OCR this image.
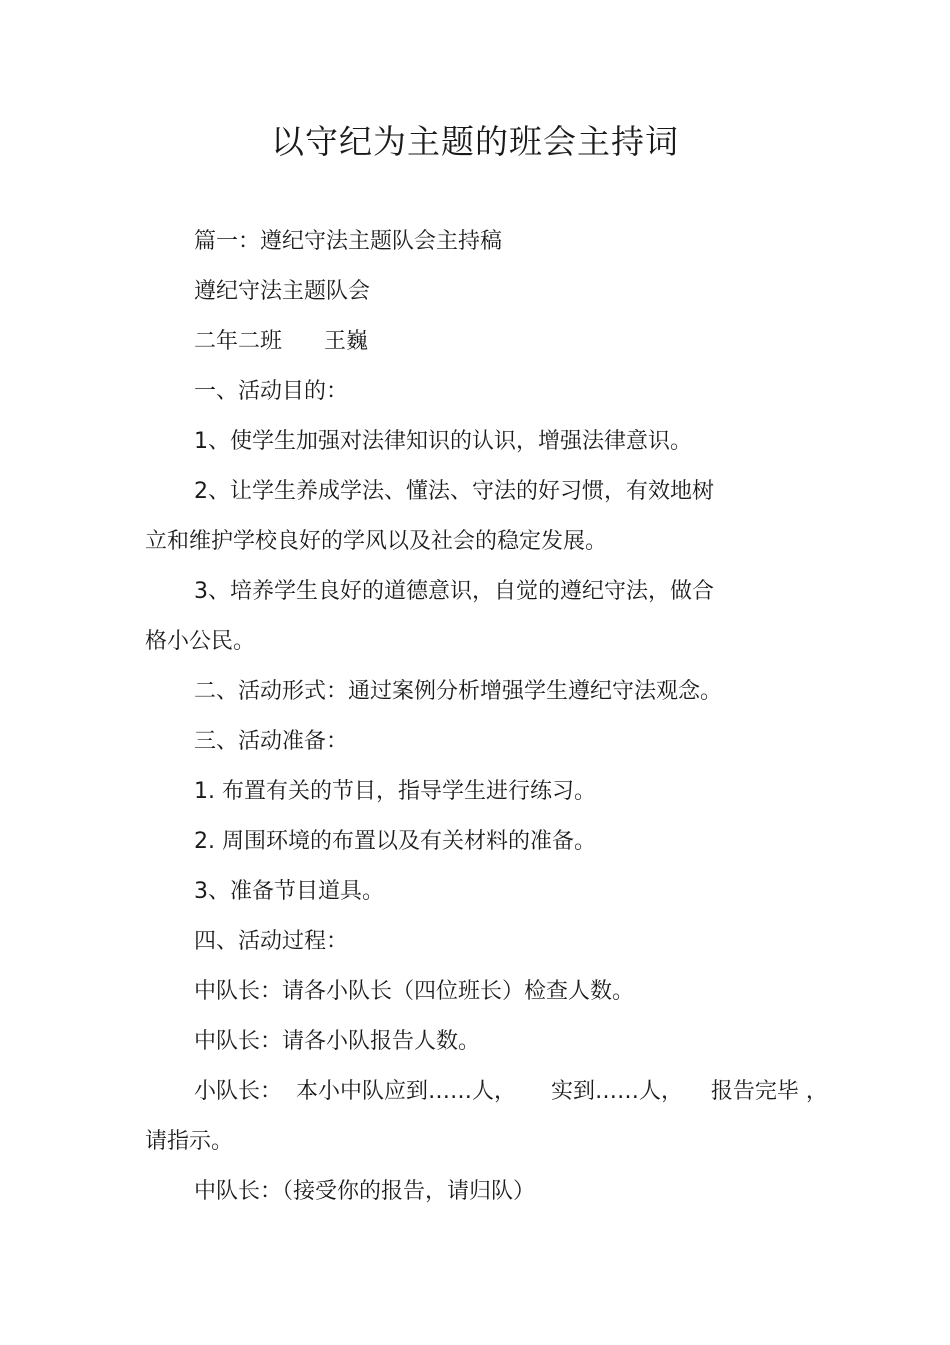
以守纪为主题的班会主持词

篇一：遵纪守法主题队会主持稿

遵纪守法主题队会

二年二班      王巍

一、活动目的：

1、使学生加强对法律知识的认识，增强法律意识。

2、让学生养成学法、懂法、守法的好习惯，有效地树

立和维护学校良好的学风以及社会的稳定发展。

3、培养学生良好的道德意识，自觉的遵纪守法，做合

格小公民。

二、活动形式：通过案例分析增强学生遵纪守法观念。

三、活动准备：

1. 布置有关的节目，指导学生进行练习。

2. 周围环境的布置以及有关材料的准备。

3、准备节目道具。

四、活动过程：

中队长：请各小队长（四位班长）检查人数。

中队长：请各小队报告人数。

小队长：  本小中队应到……人，     实到……人，    报告完毕 ，

请指示。

中队长：（接受你的报告，请归队）
